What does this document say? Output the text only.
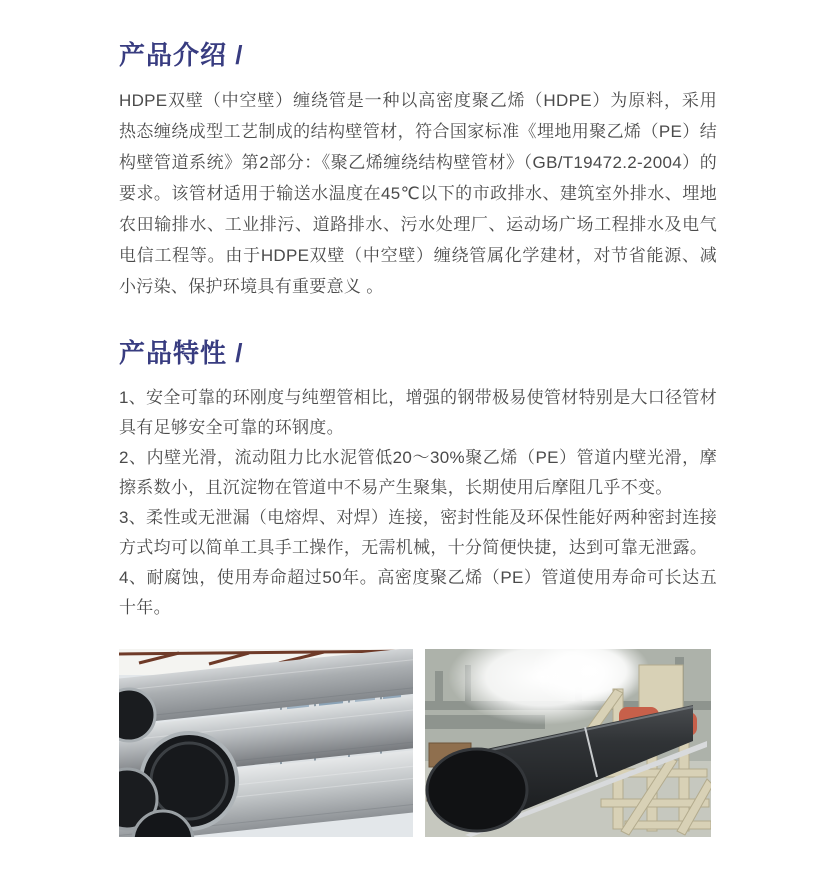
产品介绍 /

HDPE双壁（中空壁）缠绕管是一种以高密度聚乙烯（HDPE）为原料，采用热态缠绕成型工艺制成的结构壁管材，符合国家标准《埋地用聚乙烯（PE）结构壁管道系统》第2部分：《聚乙烯缠绕结构壁管材》（GB/T19472.2-2004）的要求。该管材适用于输送水温度在45℃以下的市政排水、建筑室外排水、埋地农田输排水、工业排污、道路排水、污水处理厂、运动场广场工程排水及电气电信工程等。由于HDPE双壁（中空壁）缠绕管属化学建材，对节省能源、减小污染、保护环境具有重要意义 。

产品特性 /

1、安全可靠的环刚度与纯塑管相比，增强的钢带极易使管材特别是大口径管材具有足够安全可靠的环钢度。

2、内壁光滑，流动阻力比水泥管低20～30%聚乙烯（PE）管道内壁光滑，摩擦系数小，且沉淀物在管道中不易产生聚集，长期使用后摩阻几乎不变。

3、柔性或无泄漏（电熔焊、对焊）连接，密封性能及环保性能好两种密封连接方式均可以简单工具手工操作，无需机械，十分简便快捷，达到可靠无泄露。

4、耐腐蚀，使用寿命超过50年。高密度聚乙烯（PE）管道使用寿命可长达五十年。
